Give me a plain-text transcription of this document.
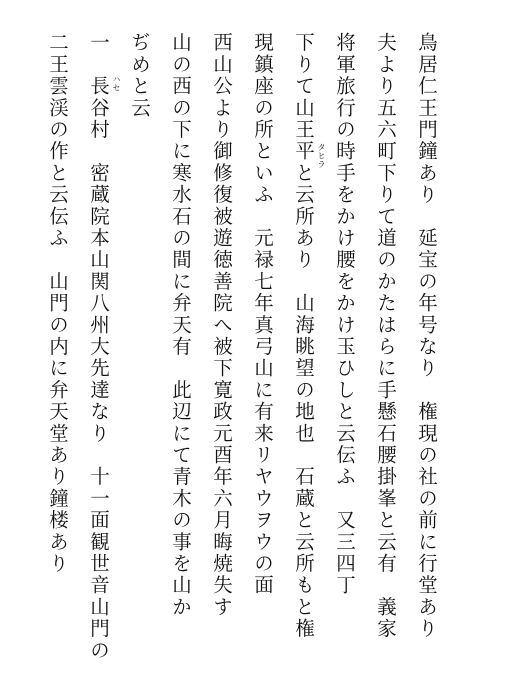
鳥居仁王門鐘あり　延宝の年号なり　権現の社の前に行堂あり
夫より五六町下りて道のかたはらに手懸石腰掛峯と云有　義家
将軍旅行の時手をかけ腰をかけ玉ひしと云伝ふ　又三四丁
下りて山王平と云所あり　山海眺望の地也　石蔵と云所もと権 タヒラ
現鎮座の所といふ　元禄七年真弓山に有来リヤウヲウの面
西山公より御修復被遊徳善院へ被下寛政元酉年六月晦焼失す
山の西の下に寒水石の間に弁天有　此辺にて青木の事を山か
ぢめと云
一　長谷村　密蔵院本山関八州大先達なり　十一面観世音山門の ハセ
二王雲渓の作と云伝ふ　山門の内に弁天堂あり鐘楼あり
